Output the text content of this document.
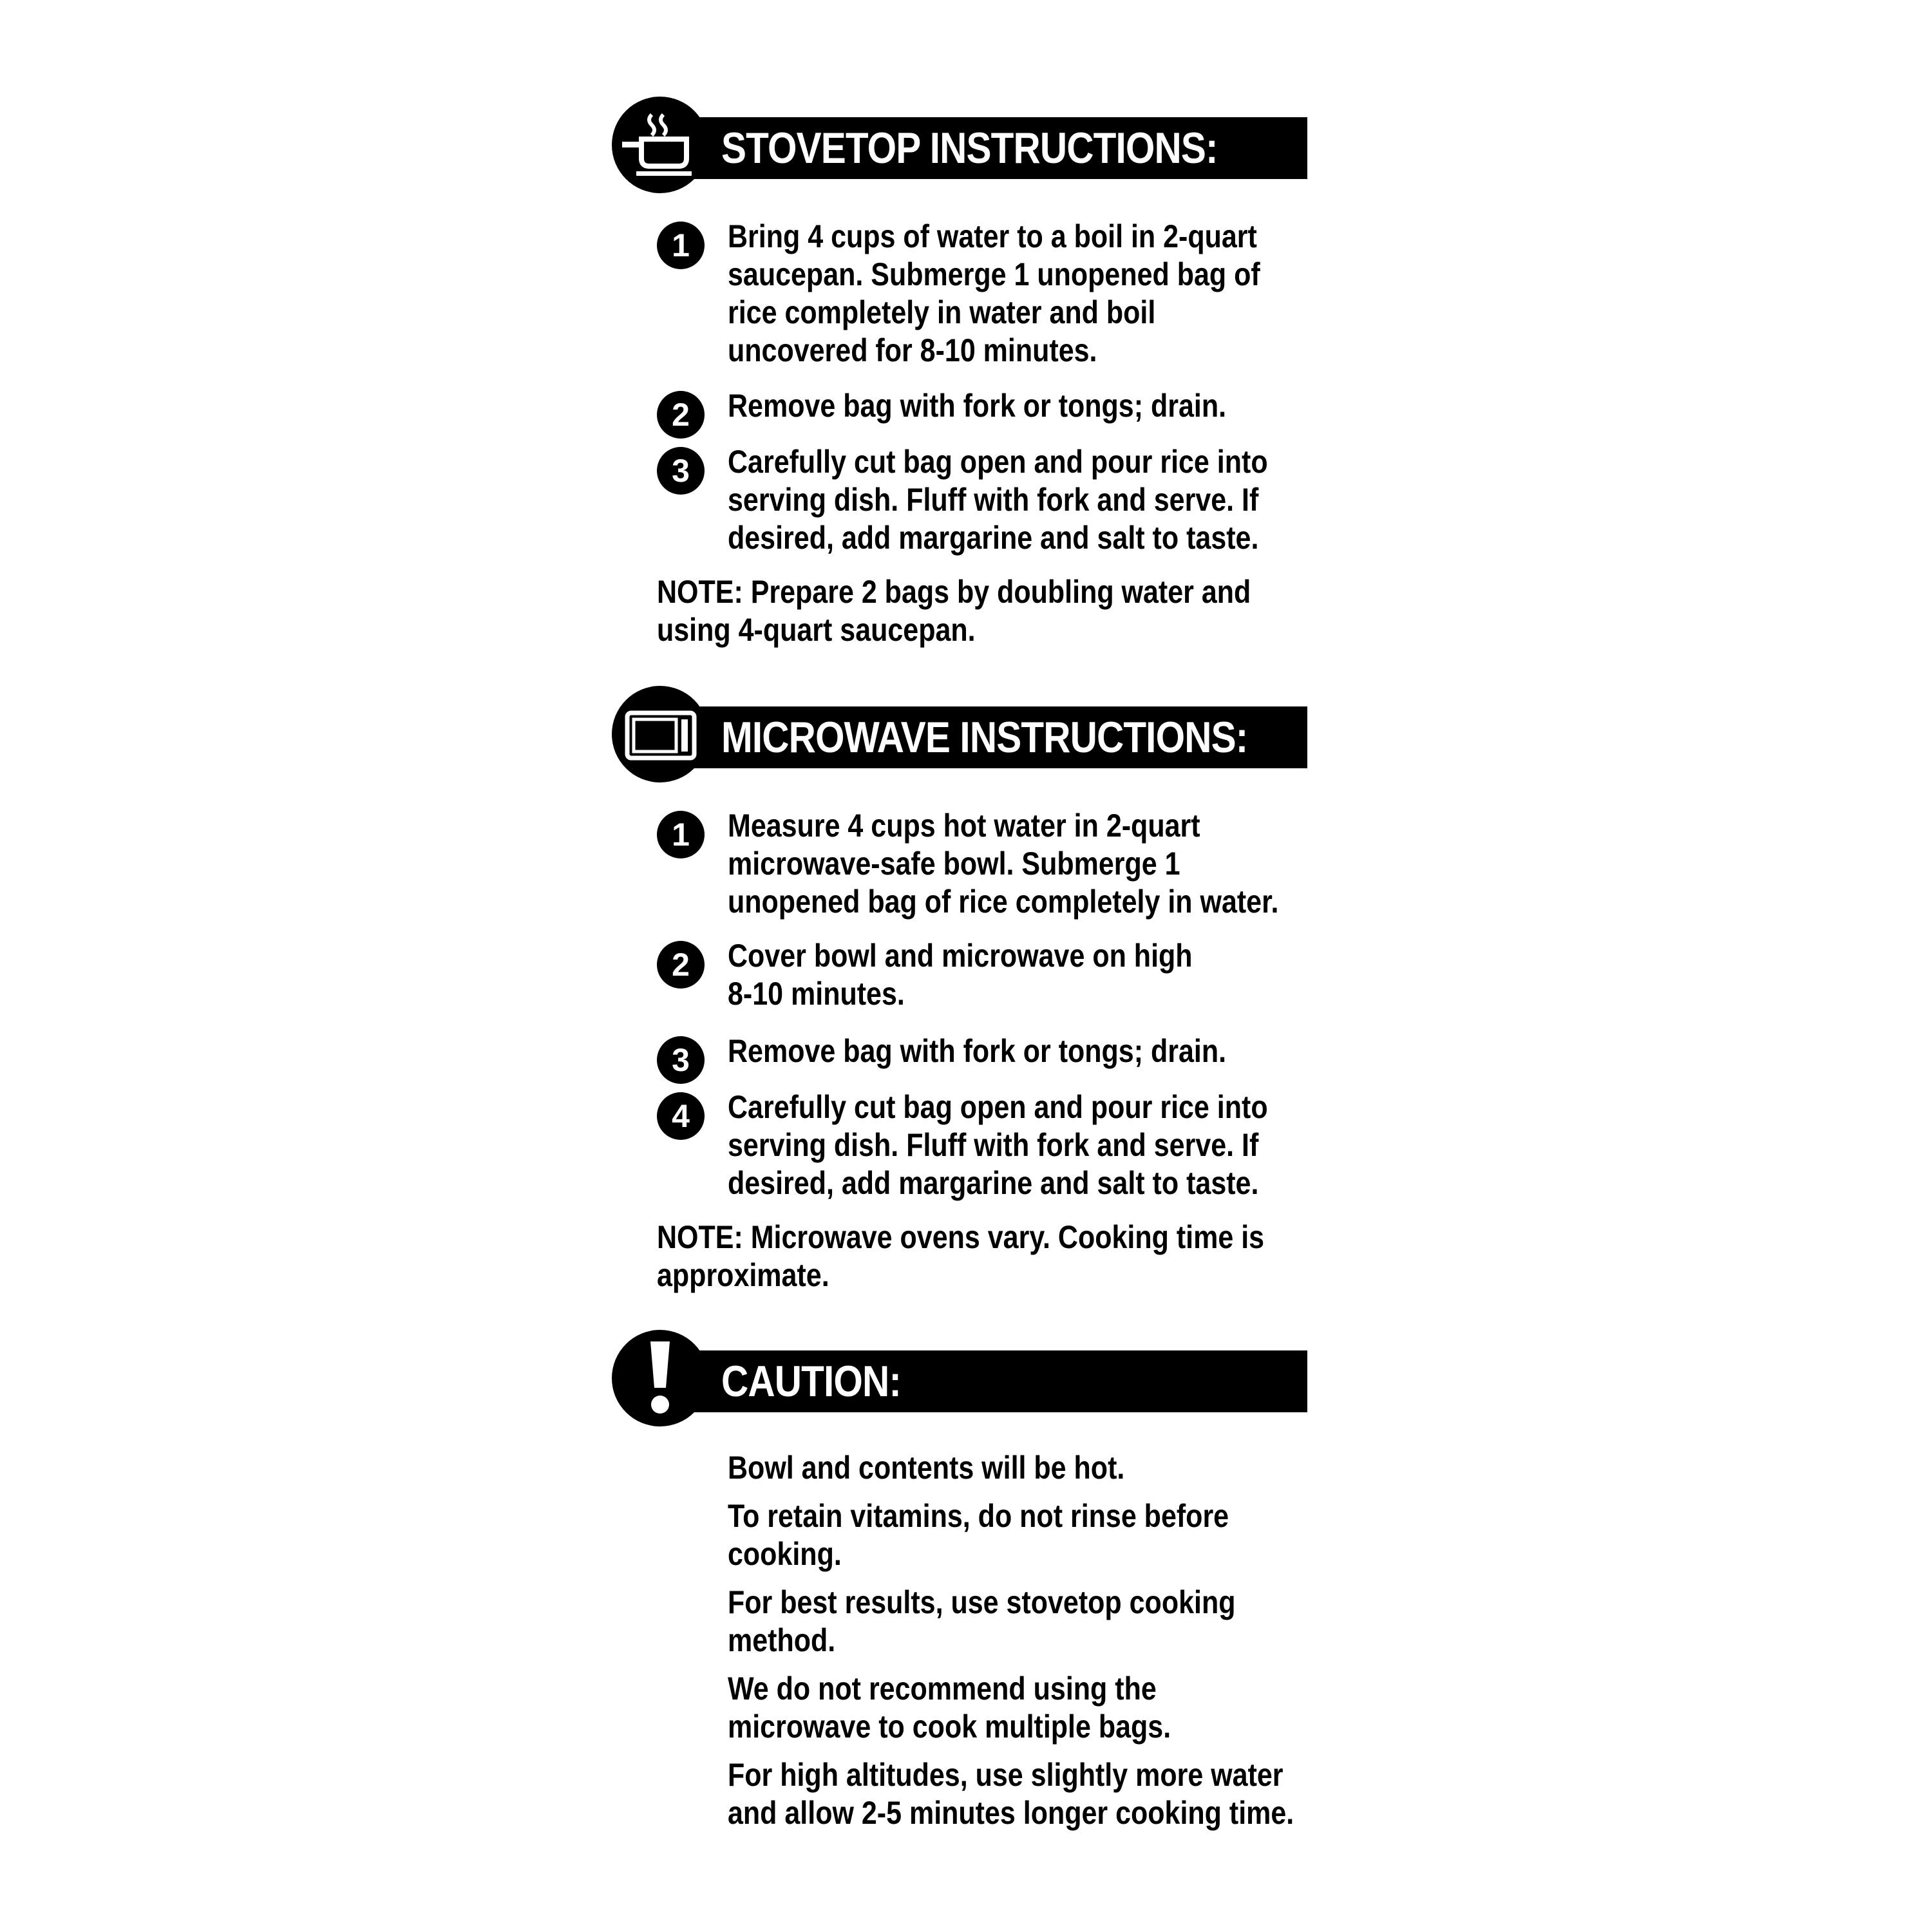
STOVETOP INSTRUCTIONS:
1	Bring 4 cups of water to a boil in 2-quart
saucepan. Submerge 1 unopened bag of
rice completely in water and boil
uncovered for 8-10 minutes.
2	Remove bag with fork or tongs; drain.
3	Carefully cut bag open and pour rice into
serving dish. Fluff with fork and serve. If
desired, add margarine and salt to taste.
NOTE: Prepare 2 bags by doubling water and
using 4-quart saucepan.
MICROWAVE INSTRUCTIONS:
1	Measure 4 cups hot water in 2-quart
microwave-safe bowl. Submerge 1
unopened bag of rice completely in water.
2	Cover bowl and microwave on high
8-10 minutes.
3	Remove bag with fork or tongs; drain.
4	Carefully cut bag open and pour rice into
serving dish. Fluff with fork and serve. If
desired, add margarine and salt to taste.
NOTE: Microwave ovens vary. Cooking time is
approximate.
CAUTION:
Bowl and contents will be hot.
To retain vitamins, do not rinse before
cooking.
For best results, use stovetop cooking
method.
We do not recommend using the
microwave to cook multiple bags.
For high altitudes, use slightly more water
and allow 2-5 minutes longer cooking time.
